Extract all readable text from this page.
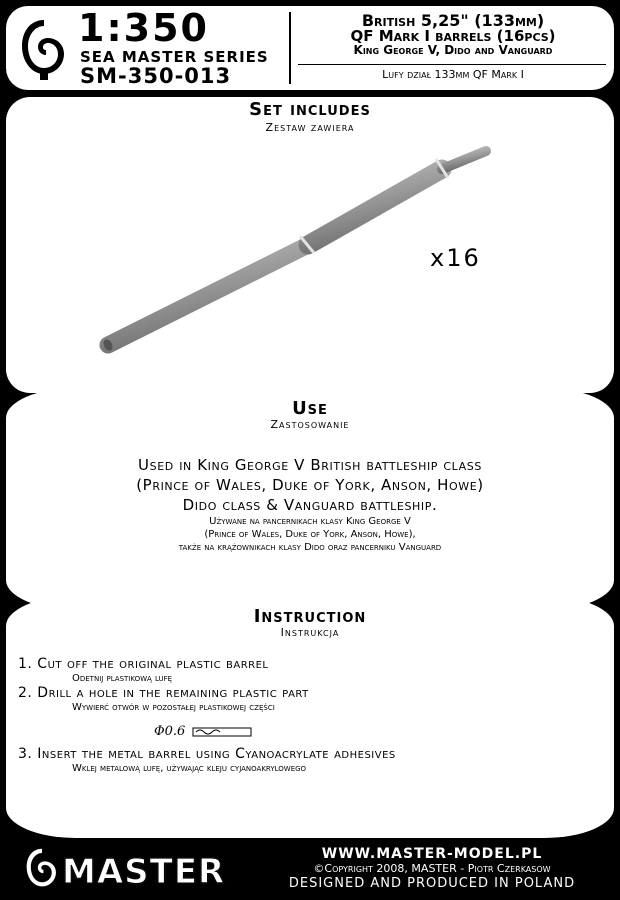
1:350
SEA MASTER SERIES
SM-350-013
British 5,25" (133mm)
QF Mark I barrels (16pcs)
King George V, Dido and Vanguard
Lufy dział 133mm QF Mark I
Set includes
Zestaw zawiera
x16
Use
Zastosowanie
Used in King George V British battleship class
(Prince of Wales, Duke of York, Anson, Howe)
Dido class & Vanguard battleship.
Używane na pancernikach klasy King George V
(Prince of Wales, Duke of York, Anson, Howe),
także na krążownikach klasy Dido oraz pancerniku Vanguard
Instruction
Instrukcja
1. Cut off the original plastic barrel
Odetnij plastikową lufę
2. Drill a hole in the remaining plastic part
Wywierć otwór w pozostałej plastikowej części
Φ0.6
3. Insert the metal barrel using Cyanoacrylate adhesives
Wklej metalową lufę, używając kleju cyjanoakrylowego
MASTER	WWW.MASTER-MODEL.PL
©Copyright 2008, MASTER - Piotr Czerkasow
DESIGNED AND PRODUCED IN POLAND
